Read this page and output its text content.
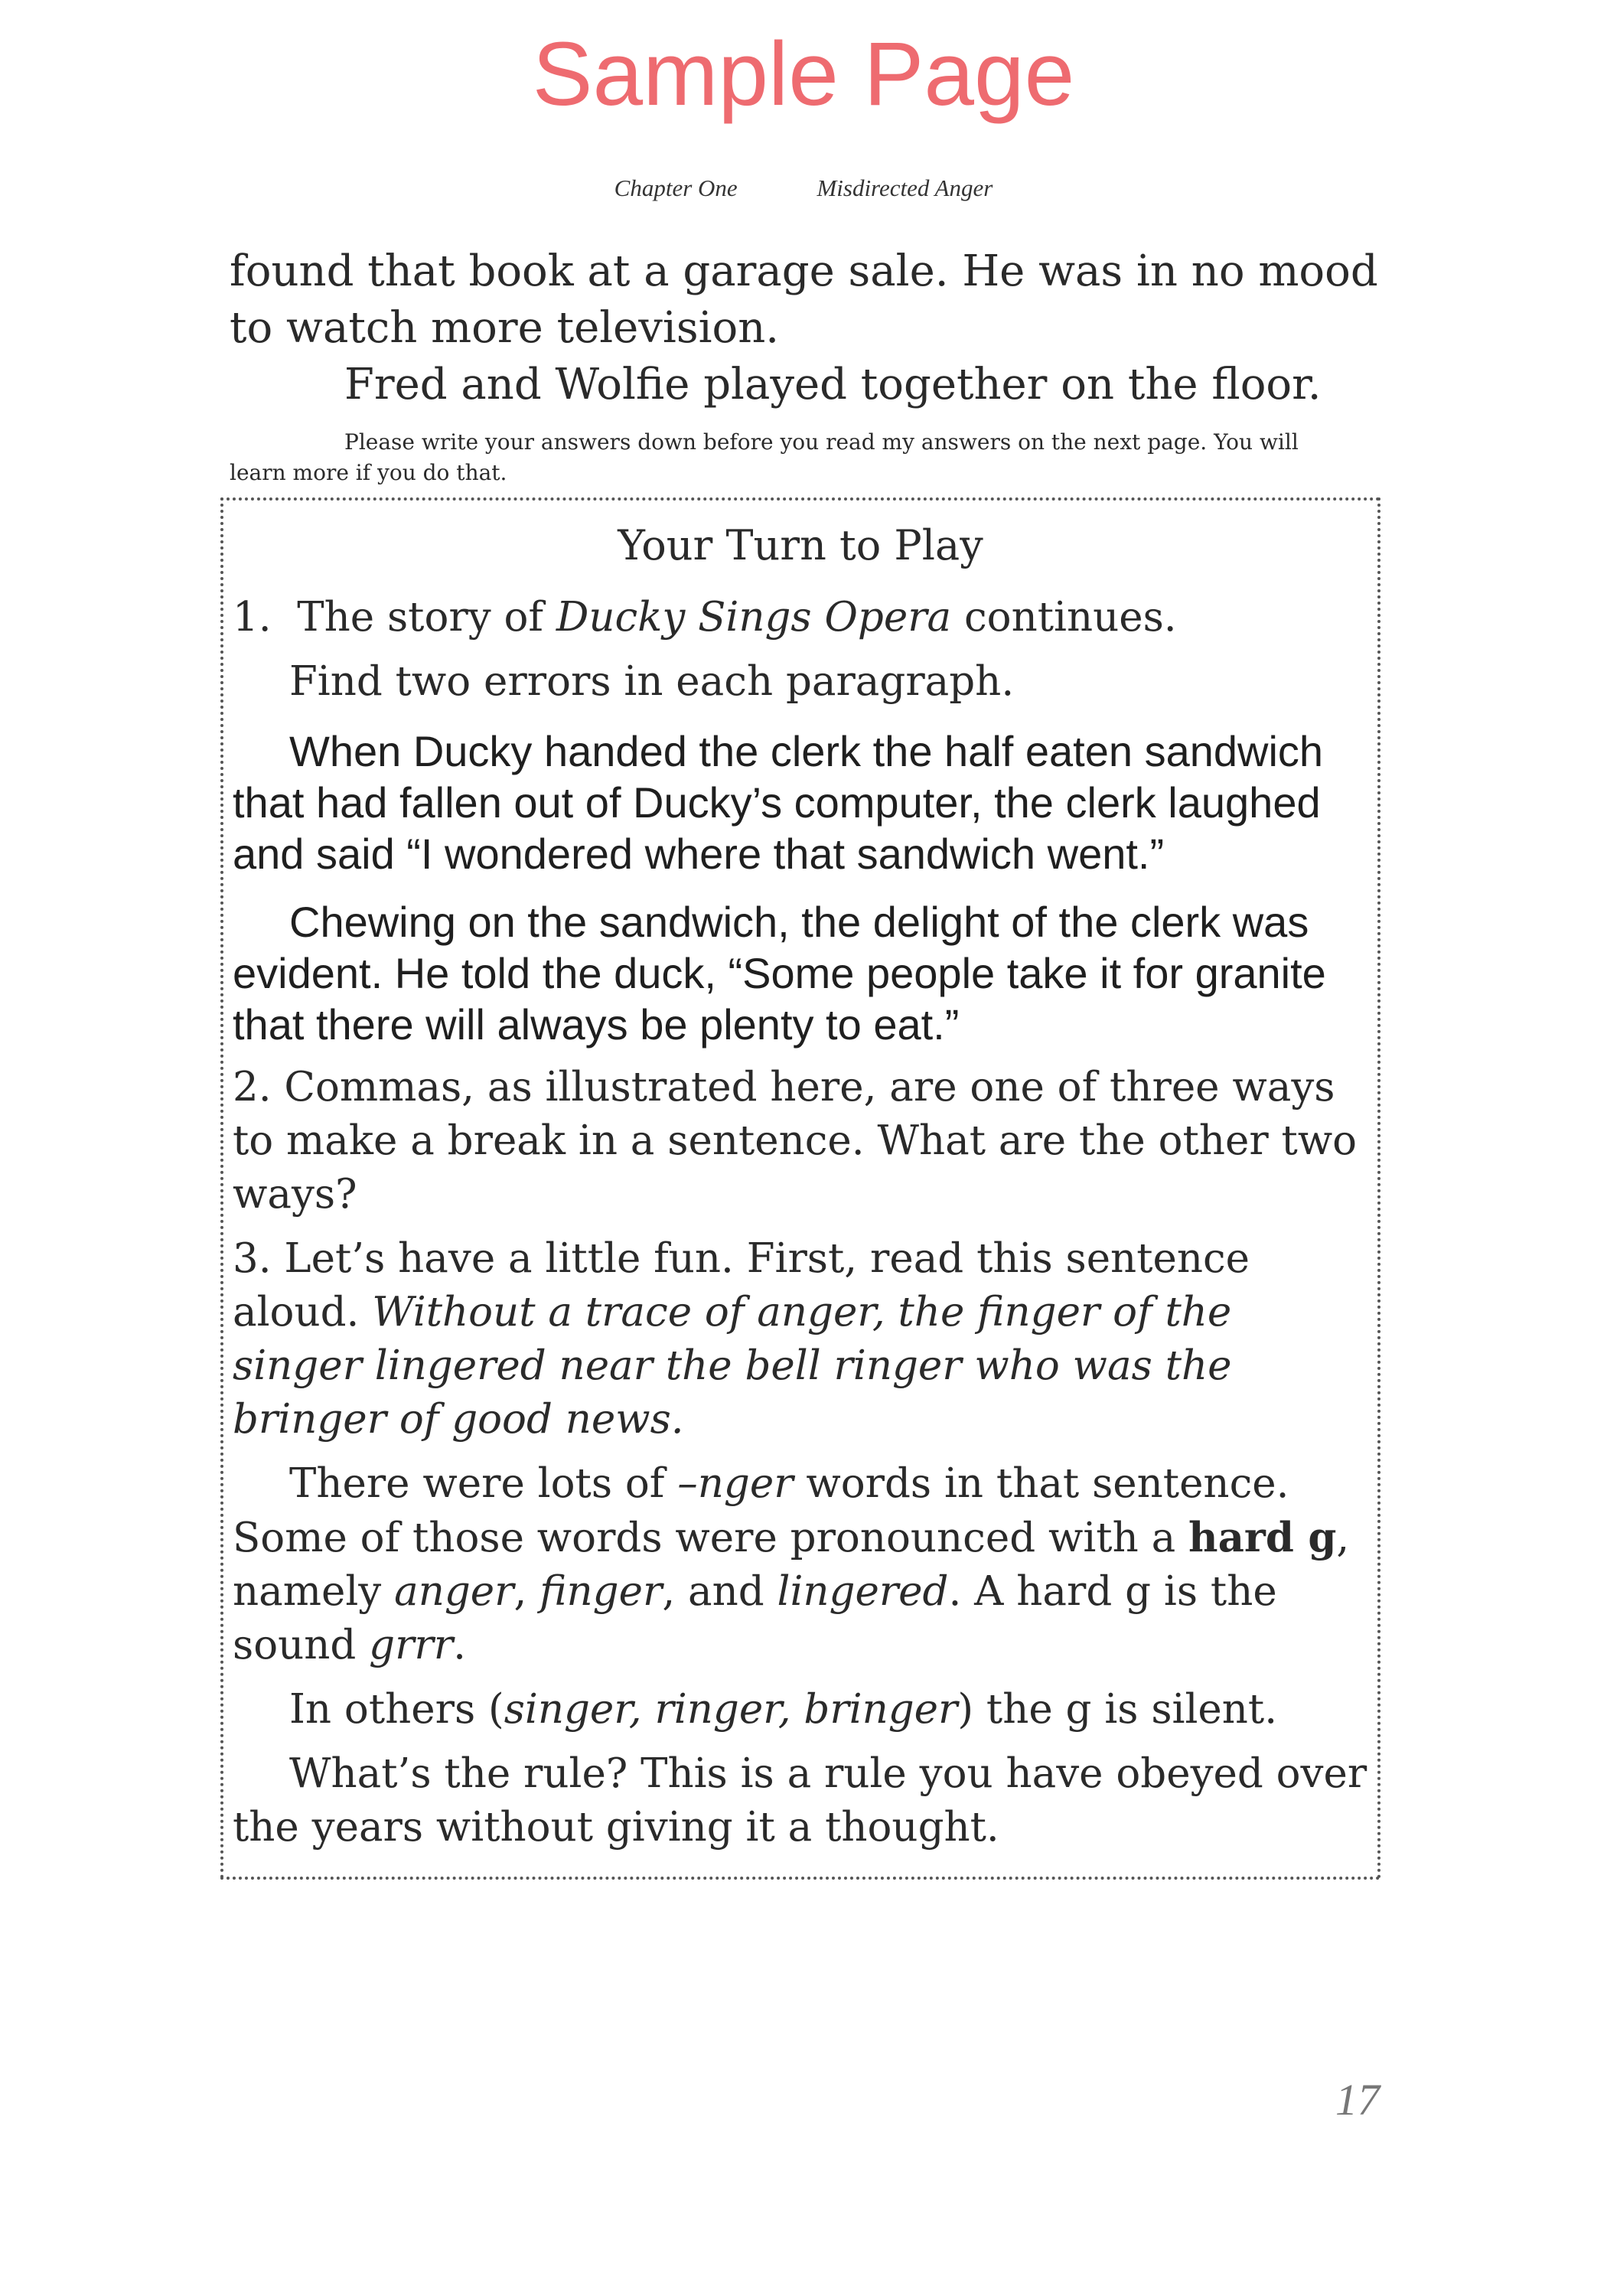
Sample Page
Chapter One	Misdirected Anger

found that book at a garage sale. He was in no mood to watch more television.

Fred and Wolfie played together on the floor.

Please write your answers down before you read my answers on the next page. You will learn more if you do that.

Your Turn to Play

1. The story of Ducky Sings Opera continues.

Find two errors in each paragraph.

When Ducky handed the clerk the half eaten sandwich that had fallen out of Ducky’s computer, the clerk laughed and said “I wondered where that sandwich went.”

Chewing on the sandwich, the delight of the clerk was evident. He told the duck, “Some people take it for granite that there will always be plenty to eat.”

2. Commas, as illustrated here, are one of three ways to make a break in a sentence. What are the other two ways?

3. Let’s have a little fun. First, read this sentence aloud. Without a trace of anger, the finger of the singer lingered near the bell ringer who was the bringer of good news.

There were lots of –nger words in that sentence. Some of those words were pronounced with a hard g, namely anger, finger, and lingered. A hard g is the sound grrr.

In others (singer, ringer, bringer) the g is silent.

What’s the rule? This is a rule you have obeyed over the years without giving it a thought.

17
